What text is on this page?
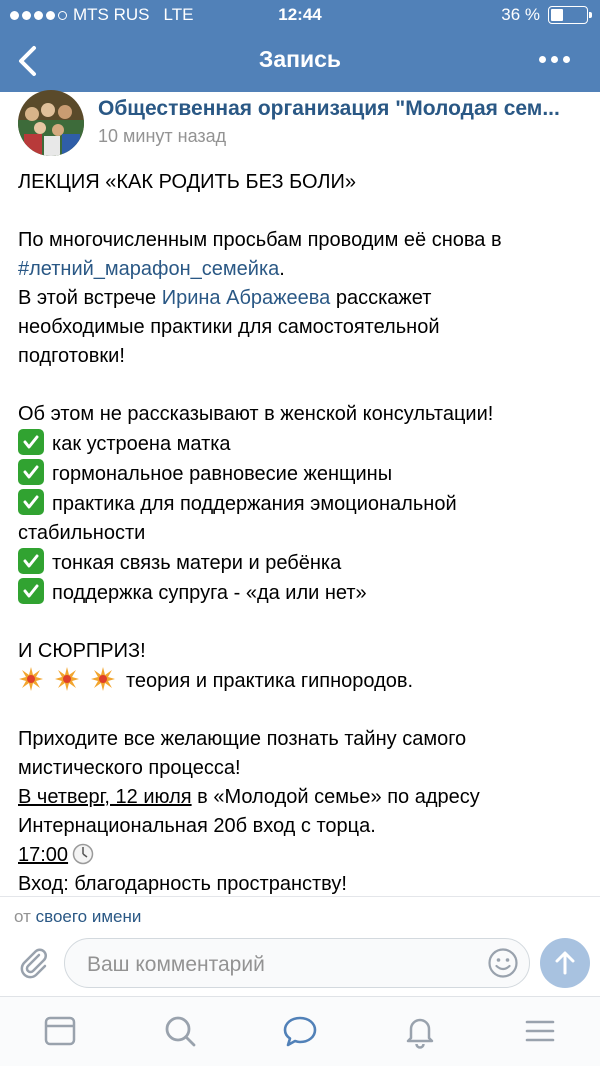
MTS RUS LTE	12:44	36 %
Запись
Общественная организация "Молодая сем...
10 минут назад

ЛЕКЦИЯ «КАК РОДИТЬ БЕЗ БОЛИ»

По многочисленным просьбам проводим её снова в

#летний_марафон_семейка.

В этой встрече Ирина Абражеева расскажет

необходимые практики для самостоятельной

подготовки!

Об этом не рассказывают в женской консультации!

как устроена матка

гормональное равновесие женщины

практика для поддержания эмоциональной

стабильности

тонкая связь матери и ребёнка

поддержка супруга - «да или нет»

И СЮРПРИЗ!

теория и практика гипнородов.

Приходите все желающие познать тайну самого

мистического процесса!

В четверг, 12 июля в «Молодой семье» по адресу

Интернациональная 20б вход с торца.

17:00

Вход: благодарность пространству!

от своего имени
Ваш комментарий
